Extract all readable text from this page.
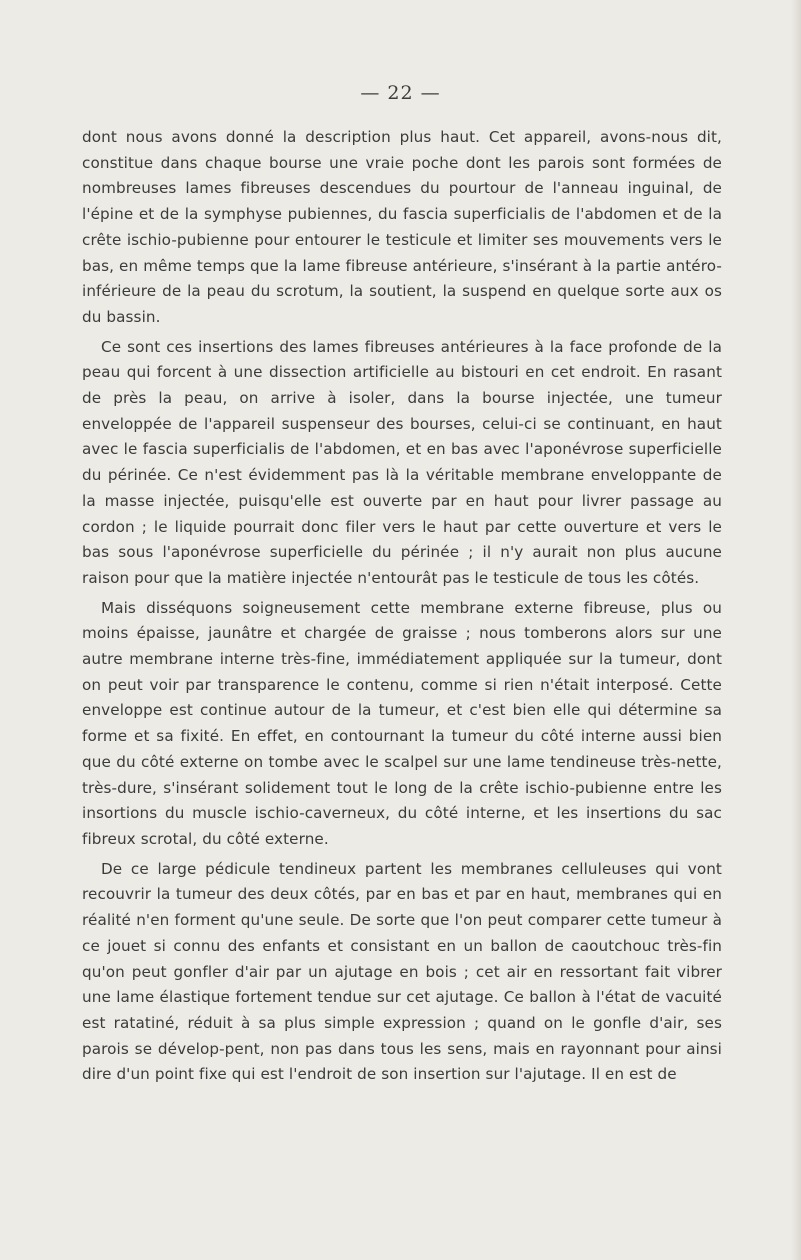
— 22 —

dont nous avons donné la description plus haut. Cet appareil, avons-nous dit, constitue dans chaque bourse une vraie poche dont les parois sont formées de nombreuses lames fibreuses descendues du pourtour de l'anneau inguinal, de l'épine et de la symphyse pubiennes, du fascia superficialis de l'abdomen et de la crête ischio-pubienne pour entourer le testicule et limiter ses mouvements vers le bas, en même temps que la lame fibreuse antérieure, s'insérant à la partie antéro-inférieure de la peau du scrotum, la soutient, la suspend en quelque sorte aux os du bassin.

Ce sont ces insertions des lames fibreuses antérieures à la face profonde de la peau qui forcent à une dissection artificielle au bistouri en cet endroit. En rasant de près la peau, on arrive à isoler, dans la bourse injectée, une tumeur enveloppée de l'appareil suspenseur des bourses, celui-ci se continuant, en haut avec le fascia superficialis de l'abdomen, et en bas avec l'aponévrose superficielle du périnée. Ce n'est évidemment pas là la véritable membrane enveloppante de la masse injectée, puisqu'elle est ouverte par en haut pour livrer passage au cordon ; le liquide pourrait donc filer vers le haut par cette ouverture et vers le bas sous l'aponévrose superficielle du périnée ; il n'y aurait non plus aucune raison pour que la matière injectée n'entourât pas le testicule de tous les côtés.

Mais disséquons soigneusement cette membrane externe fibreuse, plus ou moins épaisse, jaunâtre et chargée de graisse ; nous tomberons alors sur une autre membrane interne très-fine, immédiatement appliquée sur la tumeur, dont on peut voir par transparence le contenu, comme si rien n'était interposé. Cette enveloppe est continue autour de la tumeur, et c'est bien elle qui détermine sa forme et sa fixité. En effet, en contournant la tumeur du côté interne aussi bien que du côté externe on tombe avec le scalpel sur une lame tendineuse très-nette, très-dure, s'insérant solidement tout le long de la crête ischio-pubienne entre les insortions du muscle ischio-caverneux, du côté interne, et les insertions du sac fibreux scrotal, du côté externe.

De ce large pédicule tendineux partent les membranes celluleuses qui vont recouvrir la tumeur des deux côtés, par en bas et par en haut, membranes qui en réalité n'en forment qu'une seule. De sorte que l'on peut comparer cette tumeur à ce jouet si connu des enfants et consistant en un ballon de caoutchouc très-fin qu'on peut gonfler d'air par un ajutage en bois ; cet air en ressortant fait vibrer une lame élastique fortement tendue sur cet ajutage. Ce ballon à l'état de vacuité est ratatiné, réduit à sa plus simple expression ; quand on le gonfle d'air, ses parois se dévelop-pent, non pas dans tous les sens, mais en rayonnant pour ainsi dire d'un point fixe qui est l'endroit de son insertion sur l'ajutage. Il en est de
